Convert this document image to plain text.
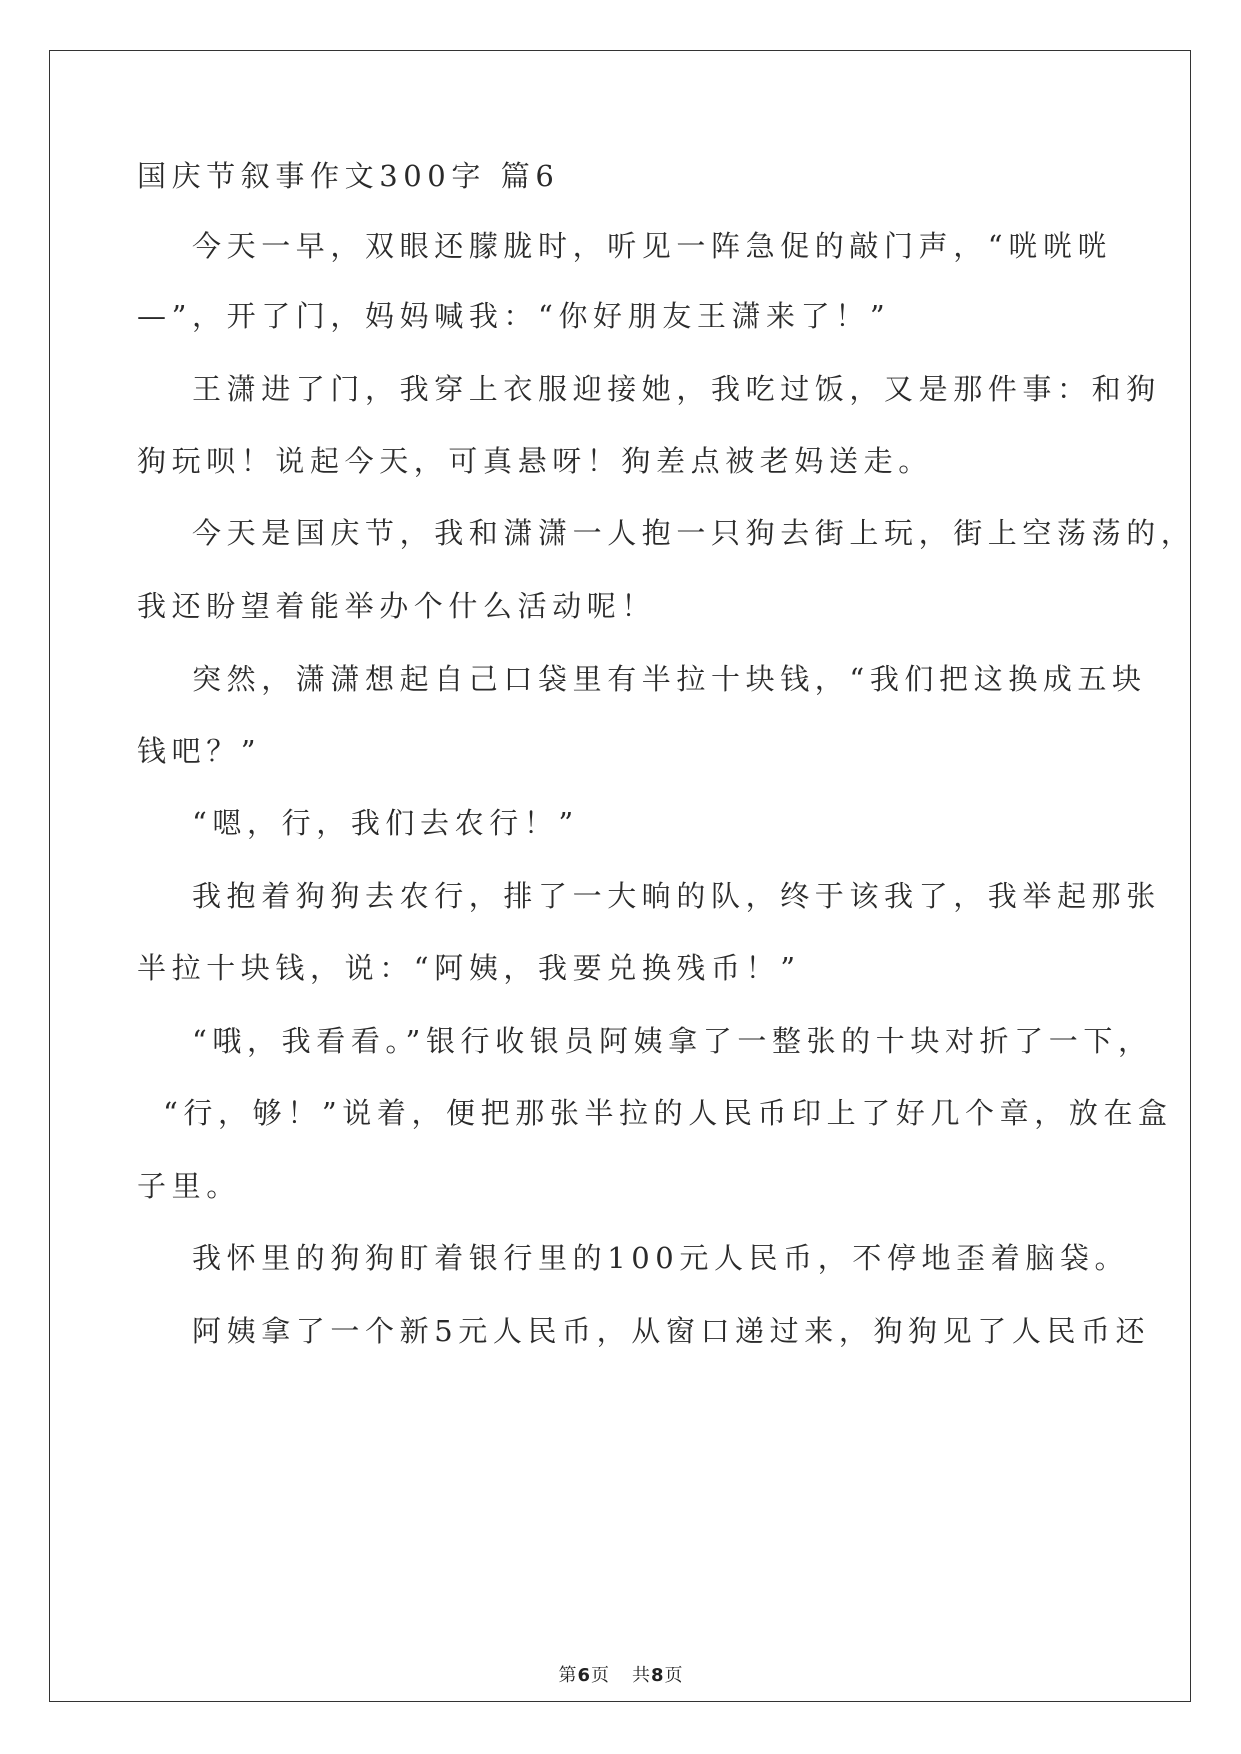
国庆节叙事作文300字 篇6
今天一早，双眼还朦胧时，听见一阵急促的敲门声，“咣咣咣
—”，开了门，妈妈喊我：“你好朋友王潇来了！”
王潇进了门，我穿上衣服迎接她，我吃过饭，又是那件事：和狗
狗玩呗！说起今天，可真悬呀！狗差点被老妈送走。
今天是国庆节，我和潇潇一人抱一只狗去街上玩，街上空荡荡的，
我还盼望着能举办个什么活动呢！
突然，潇潇想起自己口袋里有半拉十块钱，“我们把这换成五块
钱吧？”
“嗯，行，我们去农行！”
我抱着狗狗去农行，排了一大晌的队，终于该我了，我举起那张
半拉十块钱，说：“阿姨，我要兑换残币！”
“哦，我看看。”银行收银员阿姨拿了一整张的十块对折了一下，
“行，够！”说着，便把那张半拉的人民币印上了好几个章，放在盒
子里。
我怀里的狗狗盯着银行里的100元人民币，不停地歪着脑袋。
阿姨拿了一个新5元人民币，从窗口递过来，狗狗见了人民币还
第6页 共8页
